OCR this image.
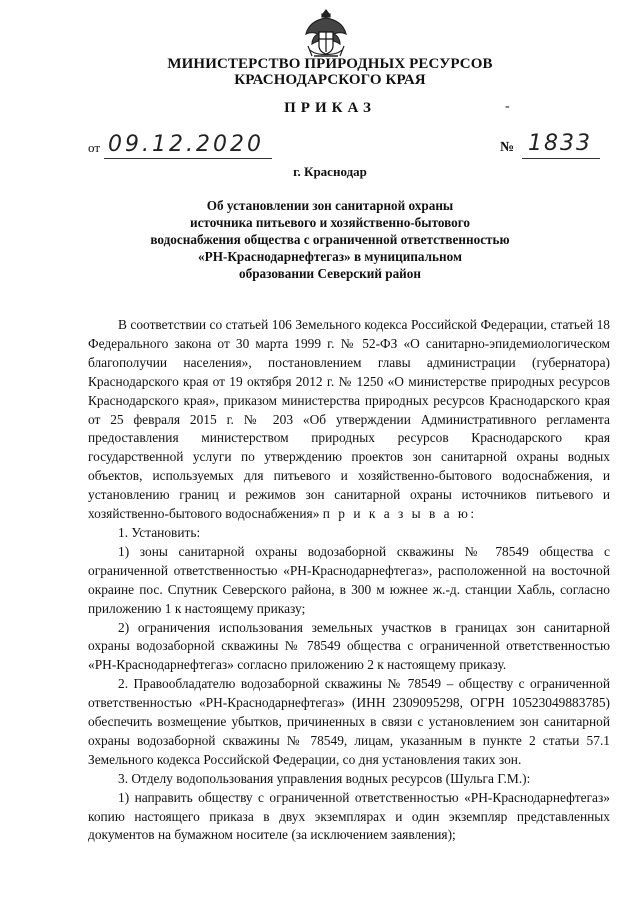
МИНИСТЕРСТВО ПРИРОДНЫХ РЕСУРСОВ
КРАСНОДАРСКОГО КРАЯ
ПРИКАЗ	-
от 09.12.2020	№ 1833
г. Краснодар
Об установлении зон санитарной охраны
источника питьевого и хозяйственно-бытового
водоснабжения общества с ограниченной ответственностью
«РН-Краснодарнефтегаз» в муниципальном
образовании Северский район

В соответствии со статьей 106 Земельного кодекса Российской Федерации, статьей 18 Федерального закона от 30 марта 1999 г. № 52-ФЗ «О санитарно-эпидемиологическом благополучии населения», постановлением главы администрации (губернатора) Краснодарского края от 19 октября 2012 г. № 1250 «О министерстве природных ресурсов Краснодарского края», приказом министерства природных ресурсов Краснодарского края от 25 февраля 2015 г. № 203 «Об утверждении Административного регламента предоставления министерством природных ресурсов Краснодарского края государственной услуги по утверждению проектов зон санитарной охраны водных объектов, используемых для питьевого и хозяйственно-бытового водоснабжения, и установлению границ и режимов зон санитарной охраны источников питьевого и хозяйственно-бытового водоснабжения» п р и к а з ы в а ю:

1. Установить:

1) зоны санитарной охраны водозаборной скважины № 78549 общества с ограниченной ответственностью «РН-Краснодарнефтегаз», расположенной на восточной окраине пос. Спутник Северского района, в 300 м южнее ж.-д. станции Хабль, согласно приложению 1 к настоящему приказу;

2) ограничения использования земельных участков в границах зон санитарной охраны водозаборной скважины № 78549 общества с ограниченной ответственностью «РН-Краснодарнефтегаз» согласно приложению 2 к настоящему приказу.

2. Правообладателю водозаборной скважины № 78549 – обществу с ограниченной ответственностью «РН-Краснодарнефтегаз» (ИНН 2309095298, ОГРН 1052304988378​5) обеспечить возмещение убытков, причиненных в связи с установлением зон санитарной охраны водозаборной скважины № 78549, лицам, указанным в пункте 2 статьи 57.1 Земельного кодекса Российской Федерации, со дня установления таких зон.

3. Отделу водопользования управления водных ресурсов (Шульга Г.М.):

1) направить обществу с ограниченной ответственностью «РН-Краснодарнефтегаз» копию настоящего приказа в двух экземплярах и один экземпляр представленных документов на бумажном носителе (за исключением заявления);
